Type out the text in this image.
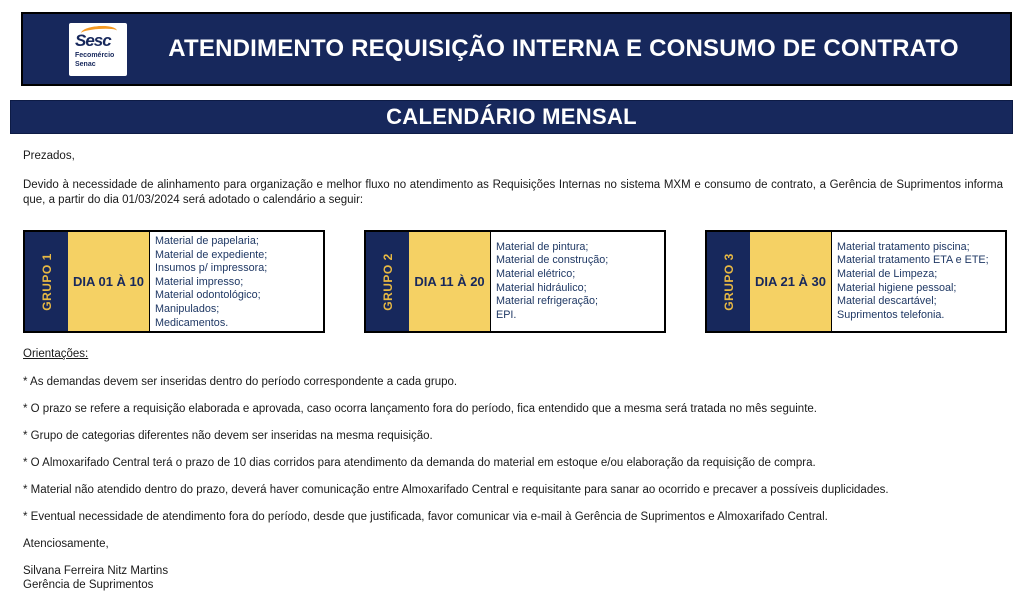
Sesc
Fecomércio
Senac
ATENDIMENTO REQUISIÇÃO INTERNA E CONSUMO DE CONTRATO
CALENDÁRIO MENSAL
Prezados,
Devido à necessidade de alinhamento para organização e melhor fluxo no atendimento as Requisições Internas no sistema MXM e consumo de contrato, a Gerência de Suprimentos informa que, a partir do dia 01/03/2024 será adotado o calendário a seguir:
GRUPO 1 DIA 01 À 10
Material de papelaria;
Material de expediente;
Insumos p/ impressora;
Material impresso;
Material odontológico;
Manipulados;
Medicamentos.
GRUPO 2 DIA 11 À 20
Material de pintura;
Material de construção;
Material elétrico;
Material hidráulico;
Material refrigeração;
EPI.
GRUPO 3 DIA 21 À 30
Material tratamento piscina;
Material tratamento ETA e ETE;
Material de Limpeza;
Material higiene pessoal;
Material descartável;
Suprimentos telefonia.
Orientações:
* As demandas devem ser inseridas dentro do período correspondente a cada grupo.
* O prazo se refere a requisição elaborada e aprovada, caso ocorra lançamento fora do período, fica entendido que a mesma será tratada no mês seguinte.
* Grupo de categorias diferentes não devem ser inseridas na mesma requisição.
* O Almoxarifado Central terá o prazo de 10 dias corridos para atendimento da demanda do material em estoque e/ou elaboração da requisição de compra.
* Material não atendido dentro do prazo, deverá haver comunicação entre Almoxarifado Central e requisitante para sanar ao ocorrido e precaver a possíveis duplicidades.
* Eventual necessidade de atendimento fora do período, desde que justificada, favor comunicar via e-mail à Gerência de Suprimentos e Almoxarifado Central.
Atenciosamente,
Silvana Ferreira Nitz Martins
Gerência de Suprimentos
